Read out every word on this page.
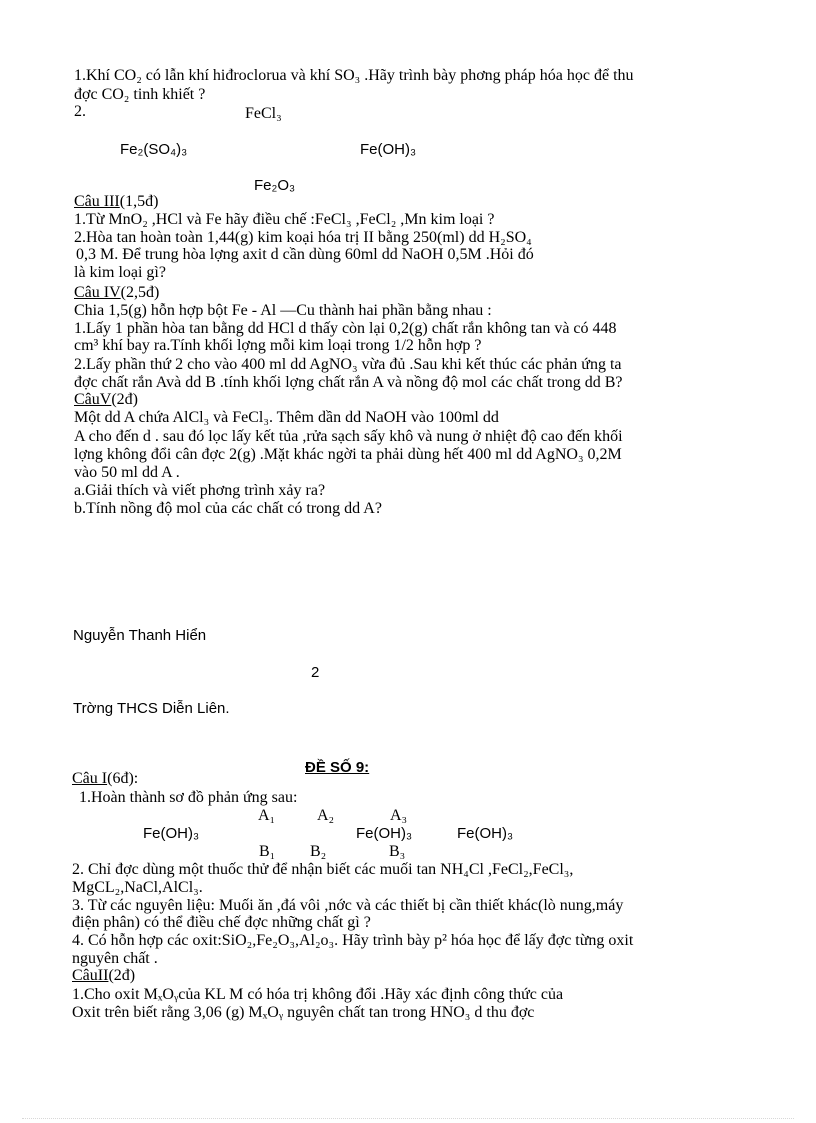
1.Khí CO₂ có lẫn khí hiđroclorua và khí SO₃ .Hãy trình bày phơng pháp hóa học để thu
đợc CO₂ tinh khiết ?
2.	FeCl₃
Fe₂(SO₄)₃	Fe(OH)₃
Fe₂O₃
Câu III(1,5đ)
1.Từ MnO₂ ,HCl và Fe hãy điều chế :FeCl₃ ,FeCl₂ ,Mn kim loại ?
2.Hòa tan hoàn toàn 1,44(g) kim koại hóa trị II bằng 250(ml) dd H₂SO₄
0,3 M. Để trung hòa lợng axit d cần dùng 60ml dd NaOH 0,5M .Hỏi đó
là kim loại gì?
Câu IV(2,5đ)
Chia 1,5(g) hỗn hợp bột Fe - Al —Cu thành hai phần bằng nhau :
1.Lấy 1 phần hòa tan bằng dd HCl d thấy còn lại 0,2(g) chất rắn không tan và có 448
cm³ khí bay ra.Tính khối lợng mỗi kim loại trong 1/2 hỗn hợp ?
2.Lấy phần thứ 2 cho vào 400 ml dd AgNO₃ vừa đủ .Sau khi kết thúc các phản ứng ta
đợc chất rắn Avà dd B .tính khối lợng chất rắn A và nồng độ mol các chất trong dd B?
CâuV(2đ)
Một dd A chứa AlCl₃ và FeCl₃. Thêm dần dd NaOH vào 100ml dd
A cho đến d . sau đó lọc lấy kết tủa ,rửa sạch sấy khô và nung ở nhiệt độ cao đến khối
lợng không đổi cân đợc 2(g) .Mặt khác ngời ta phải dùng hết 400 ml dd AgNO₃ 0,2M
vào 50 ml dd A .
a.Giải thích và viết phơng trình xảy ra?
b.Tính nồng độ mol của các chất có trong dd A?
Nguyễn Thanh Hiển
2
Trờng THCS Diễn Liên.
ĐỀ SỐ 9:
Câu I(6đ):
1.Hoàn thành sơ đồ phản ứng sau:
A₁	A₂	A₃
Fe(OH)₃	Fe(OH)₃	Fe(OH)₃
B₁ B₂	B₃
2. Chỉ đợc dùng một thuốc thử để nhận biết các muối tan NH₄Cl ,FeCl₂,FeCl₃,
MgCL₂,NaCl,AlCl₃.
3. Từ các nguyên liệu: Muối ăn ,đá vôi ,nớc và các thiết bị cần thiết khác(lò nung,máy
điện phân) có thể điều chế đợc những chất gì ?
4. Có hỗn hợp các oxit:SiO₂,Fe₂O₃,Al₂o₃. Hãy trình bày p² hóa học để lấy đợc từng oxit
nguyên chất .
CâuII(2đ)
1.Cho oxit MₓOᵧcủa KL M có hóa trị không đổi .Hãy xác định công thức của
Oxit trên biết rằng 3,06 (g) MₓOᵧ nguyên chất tan trong HNO₃ d thu đợc
